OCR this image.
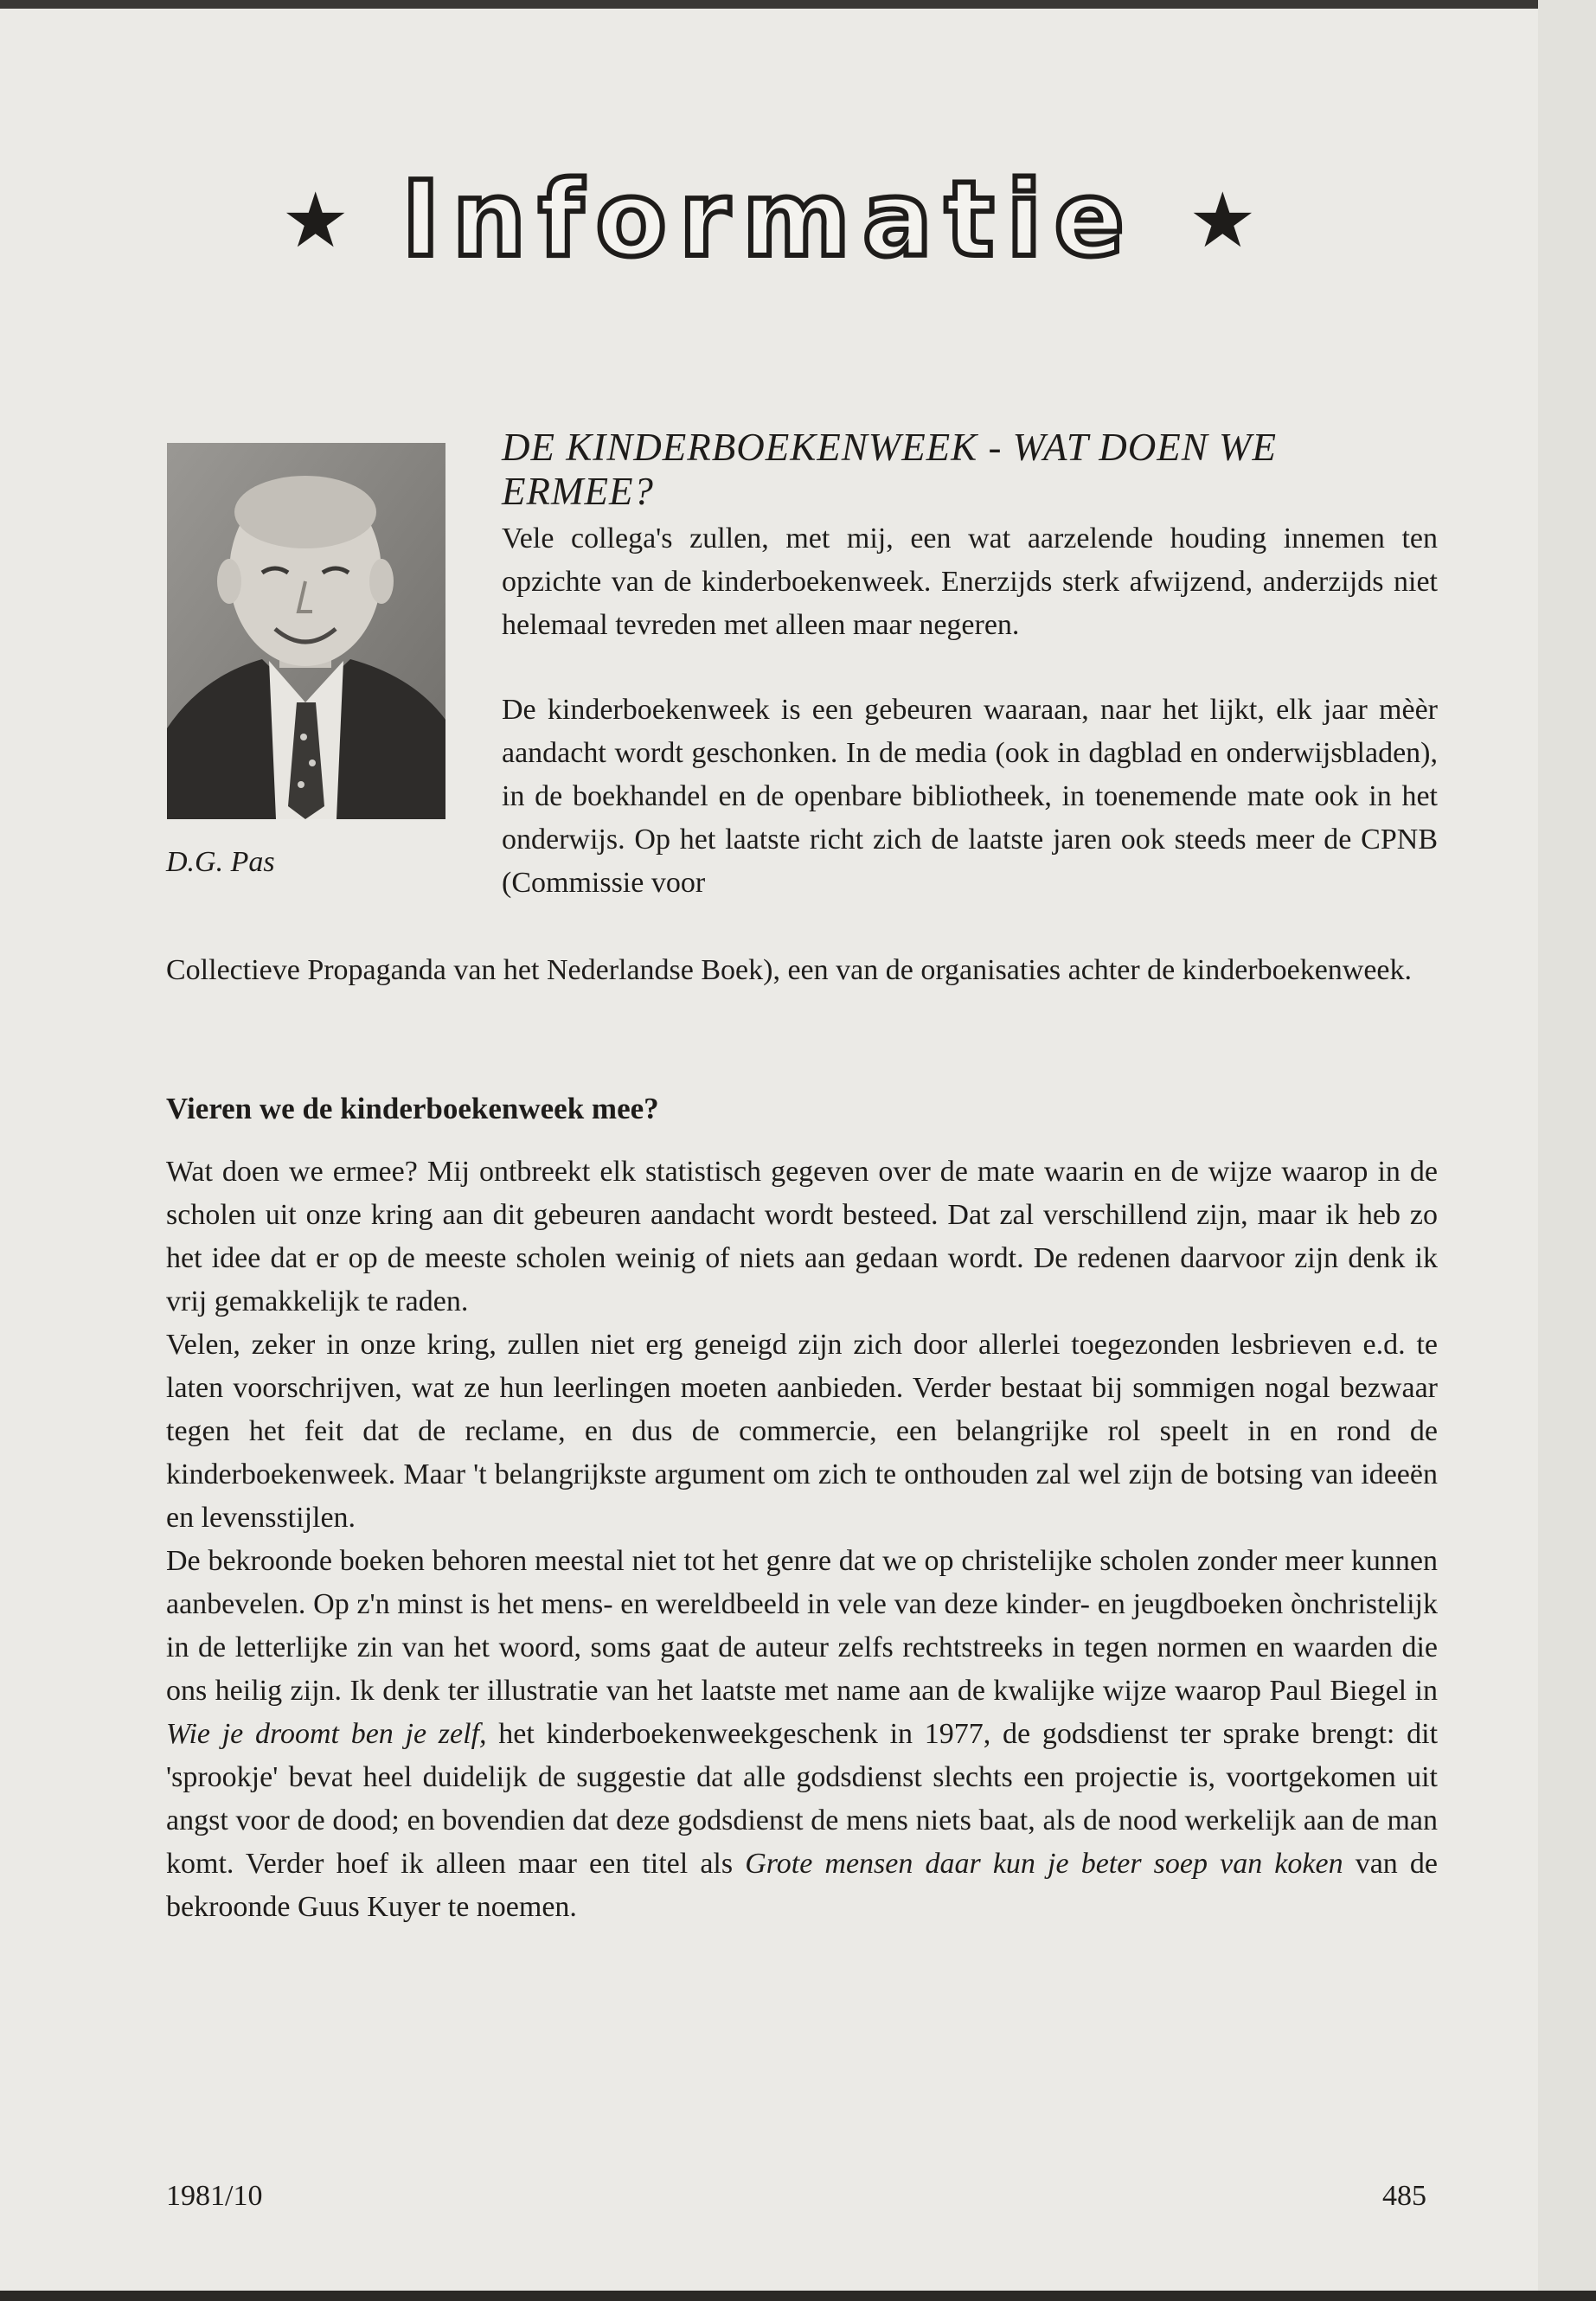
★ Informatie ★
D.G. Pas
DE KINDERBOEKENWEEK - WAT DOEN WE ERMEE?
Vele collega's zullen, met mij, een wat aarzelende houding innemen ten opzichte van de kinderboekenweek. Enerzijds sterk afwijzend, anderzijds niet helemaal tevreden met alleen maar negeren.
De kinderboekenweek is een gebeuren waaraan, naar het lijkt, elk jaar mèèr aandacht wordt geschonken. In de media (ook in dagblad en onderwijsbladen), in de boekhandel en de openbare bibliotheek, in toenemende mate ook in het onderwijs. Op het laatste richt zich de laatste jaren ook steeds meer de CPNB (Commissie voor
Collectieve Propaganda van het Nederlandse Boek), een van de organisaties achter de kinderboekenweek.
Vieren we de kinderboekenweek mee?

Wat doen we ermee? Mij ontbreekt elk statistisch gegeven over de mate waarin en de wijze waarop in de scholen uit onze kring aan dit gebeuren aandacht wordt besteed. Dat zal verschillend zijn, maar ik heb zo het idee dat er op de meeste scholen weinig of niets aan gedaan wordt. De redenen daarvoor zijn denk ik vrij gemakkelijk te raden.

Velen, zeker in onze kring, zullen niet erg geneigd zijn zich door allerlei toegezonden lesbrieven e.d. te laten voorschrijven, wat ze hun leerlingen moeten aanbieden. Verder bestaat bij sommigen nogal bezwaar tegen het feit dat de reclame, en dus de commercie, een belangrijke rol speelt in en rond de kinderboekenweek. Maar 't belangrijkste argument om zich te onthouden zal wel zijn de botsing van ideeën en levensstijlen.

De bekroonde boeken behoren meestal niet tot het genre dat we op christelijke scholen zonder meer kunnen aanbevelen. Op z'n minst is het mens- en wereldbeeld in vele van deze kinder- en jeugdboeken ònchristelijk in de letterlijke zin van het woord, soms gaat de auteur zelfs rechtstreeks in tegen normen en waarden die ons heilig zijn. Ik denk ter illustratie van het laatste met name aan de kwalijke wijze waarop Paul Biegel in Wie je droomt ben je zelf, het kinderboekenweekgeschenk in 1977, de godsdienst ter sprake brengt: dit 'sprookje' bevat heel duidelijk de suggestie dat alle godsdienst slechts een projectie is, voortgekomen uit angst voor de dood; en bovendien dat deze godsdienst de mens niets baat, als de nood werkelijk aan de man komt. Verder hoef ik alleen maar een titel als Grote mensen daar kun je beter soep van koken van de bekroonde Guus Kuyer te noemen.

1981/10	485
